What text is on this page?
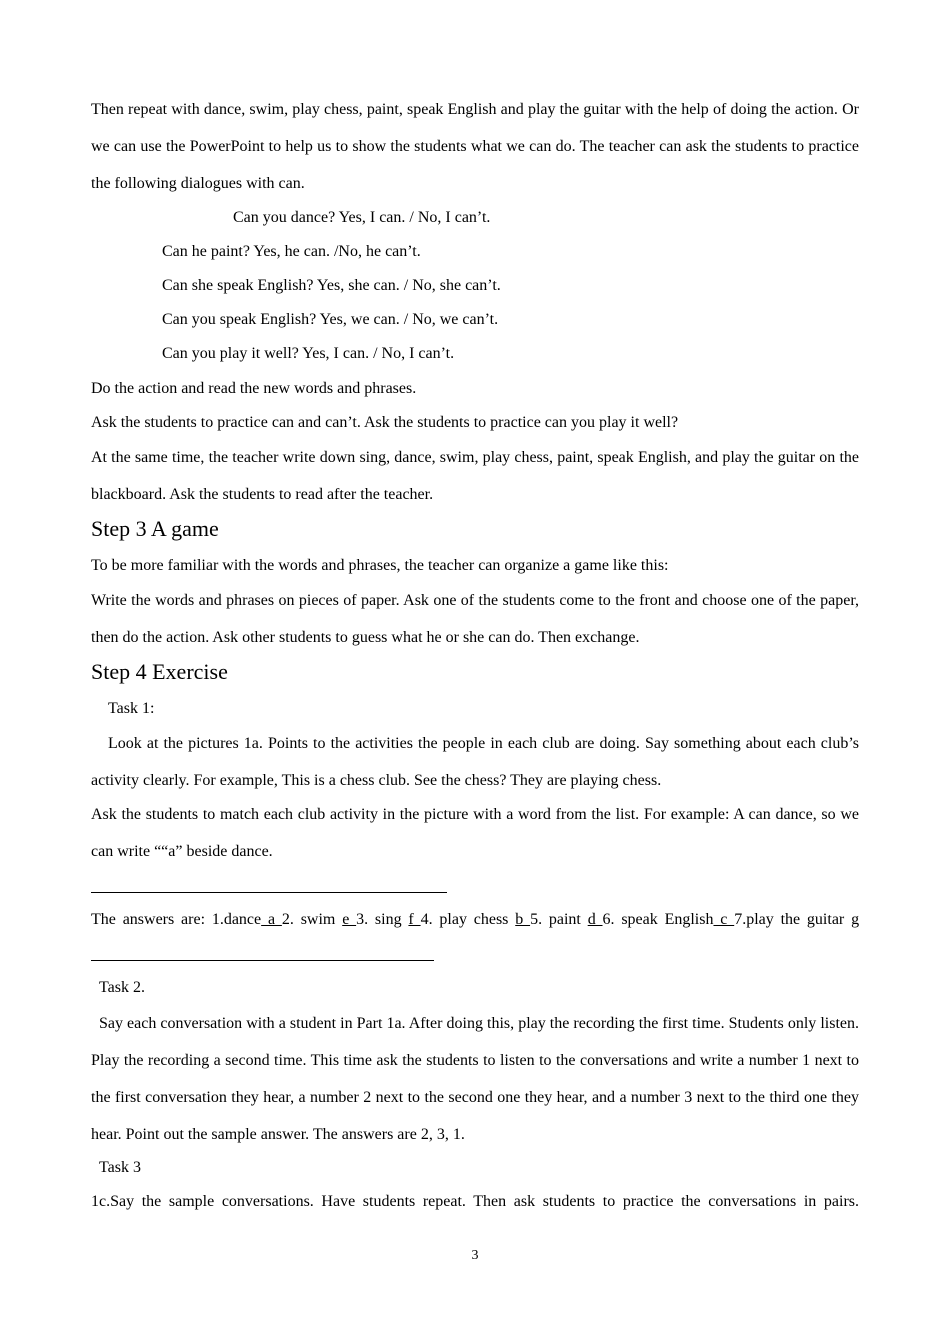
Then repeat with dance, swim, play chess, paint, speak English and play the guitar with the help of doing the action. Or we can use the PowerPoint to help us to show the students what we can do. The teacher can ask the students to practice the following dialogues with can.

Can you dance? Yes, I can. / No, I can’t.
Can he paint? Yes, he can. /No, he can’t.
Can she speak English? Yes, she can. / No, she can’t.
Can you speak English? Yes, we can. / No, we can’t.
Can you play it well? Yes, I can. / No, I can’t.

Do the action and read the new words and phrases.

Ask the students to practice can and can’t. Ask the students to practice can you play it well?

At the same time, the teacher write down sing, dance, swim, play chess, paint, speak English, and play the guitar on the blackboard. Ask the students to read after the teacher.

Step 3 A game

To be more familiar with the words and phrases, the teacher can organize a game like this:

Write the words and phrases on pieces of paper. Ask one of the students come to the front and choose one of the paper, then do the action. Ask other students to guess what he or she can do. Then exchange.

Step 4 Exercise
Task 1:

Look at the pictures 1a. Points to the activities the people in each club are doing. Say something about each club’s activity clearly. For example, This is a chess club. See the chess? They are playing chess.

Ask the students to match each club activity in the picture with a word from the list. For example: A can dance, so we can write ““a” beside dance.

The answers are: 1.dance a 2. swim e 3. sing f 4. play chess b 5. paint d 6. speak English c 7.play the guitar g

Task 2.

Say each conversation with a student in Part 1a. After doing this, play the recording the first time. Students only listen. Play the recording a second time. This time ask the students to listen to the conversations and write a number 1 next to the first conversation they hear, a number 2 next to the second one they hear, and a number 3 next to the third one they hear. Point out the sample answer. The answers are 2, 3, 1.

Task 3

1c.Say the sample conversations. Have students repeat. Then ask students to practice the conversations in pairs.

3
